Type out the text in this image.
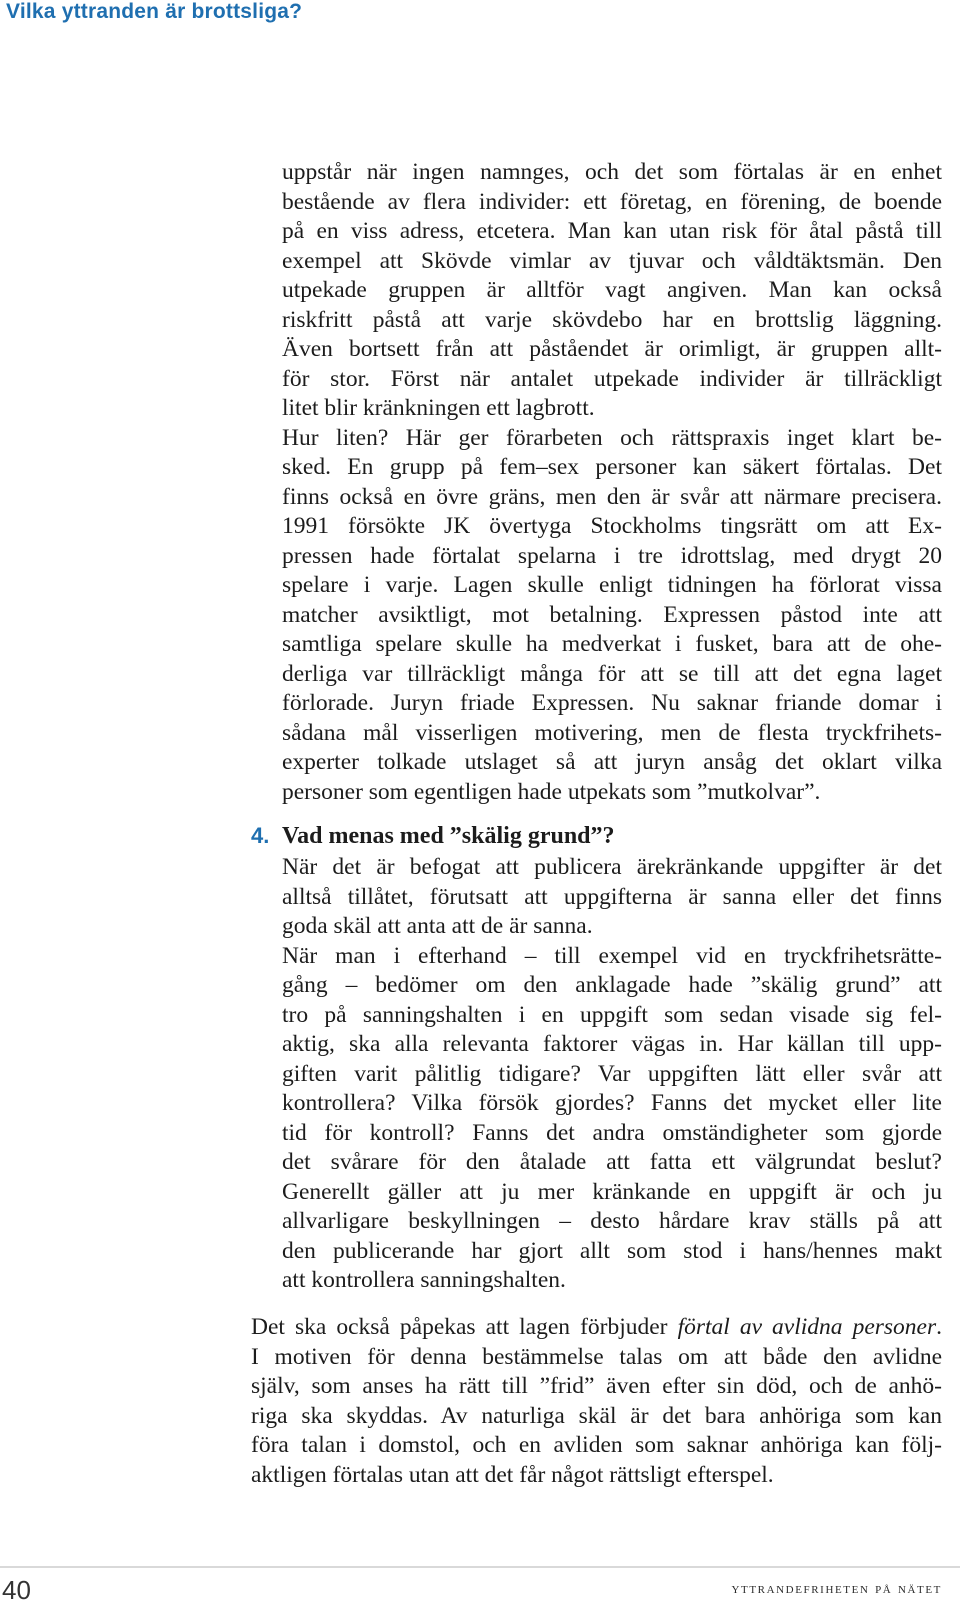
Vilka yttranden är brottsliga?
uppstår när ingen namnges, och det som förtalas är en enhet
bestående av flera individer: ett företag, en förening, de boende
på en viss adress, etcetera. Man kan utan risk för åtal påstå till
exempel att Skövde vimlar av tjuvar och våldtäktsmän. Den
utpekade gruppen är alltför vagt angiven. Man kan också
riskfritt påstå att varje skövdebo har en brottslig läggning.
Även bortsett från att påståendet är orimligt, är gruppen allt-
för stor. Först när antalet utpekade individer är tillräckligt
litet blir kränkningen ett lagbrott.
Hur liten? Här ger förarbeten och rättspraxis inget klart be-
sked. En grupp på fem–sex personer kan säkert förtalas. Det
finns också en övre gräns, men den är svår att närmare precisera.
1991 försökte JK övertyga Stockholms tingsrätt om att Ex-
pressen hade förtalat spelarna i tre idrottslag, med drygt 20
spelare i varje. Lagen skulle enligt tidningen ha förlorat vissa
matcher avsiktligt, mot betalning. Expressen påstod inte att
samtliga spelare skulle ha medverkat i fusket, bara att de ohe-
derliga var tillräckligt många för att se till att det egna laget
förlorade. Juryn friade Expressen. Nu saknar friande domar i
sådana mål visserligen motivering, men de flesta tryckfrihets-
experter tolkade utslaget så att juryn ansåg det oklart vilka
personer som egentligen hade utpekats som ”mutkolvar”.
4. Vad menas med ”skälig grund”?
När det är befogat att publicera ärekränkande uppgifter är det
alltså tillåtet, förutsatt att uppgifterna är sanna eller det finns
goda skäl att anta att de är sanna.
När man i efterhand – till exempel vid en tryckfrihetsrätte-
gång – bedömer om den anklagade hade ”skälig grund” att
tro på sanningshalten i en uppgift som sedan visade sig fel-
aktig, ska alla relevanta faktorer vägas in. Har källan till upp-
giften varit pålitlig tidigare? Var uppgiften lätt eller svår att
kontrollera? Vilka försök gjordes? Fanns det mycket eller lite
tid för kontroll? Fanns det andra omständigheter som gjorde
det svårare för den åtalade att fatta ett välgrundat beslut?
Generellt gäller att ju mer kränkande en uppgift är och ju
allvarligare beskyllningen – desto hårdare krav ställs på att
den publicerande har gjort allt som stod i hans/hennes makt
att kontrollera sanningshalten.
Det ska också påpekas att lagen förbjuder förtal av avlidna personer.
I motiven för denna bestämmelse talas om att både den avlidne
själv, som anses ha rätt till ”frid” även efter sin död, och de anhö-
riga ska skyddas. Av naturliga skäl är det bara anhöriga som kan
föra talan i domstol, och en avliden som saknar anhöriga kan följ-
aktligen förtalas utan att det får något rättsligt efterspel.
40	yttrandefriheten på nätet
